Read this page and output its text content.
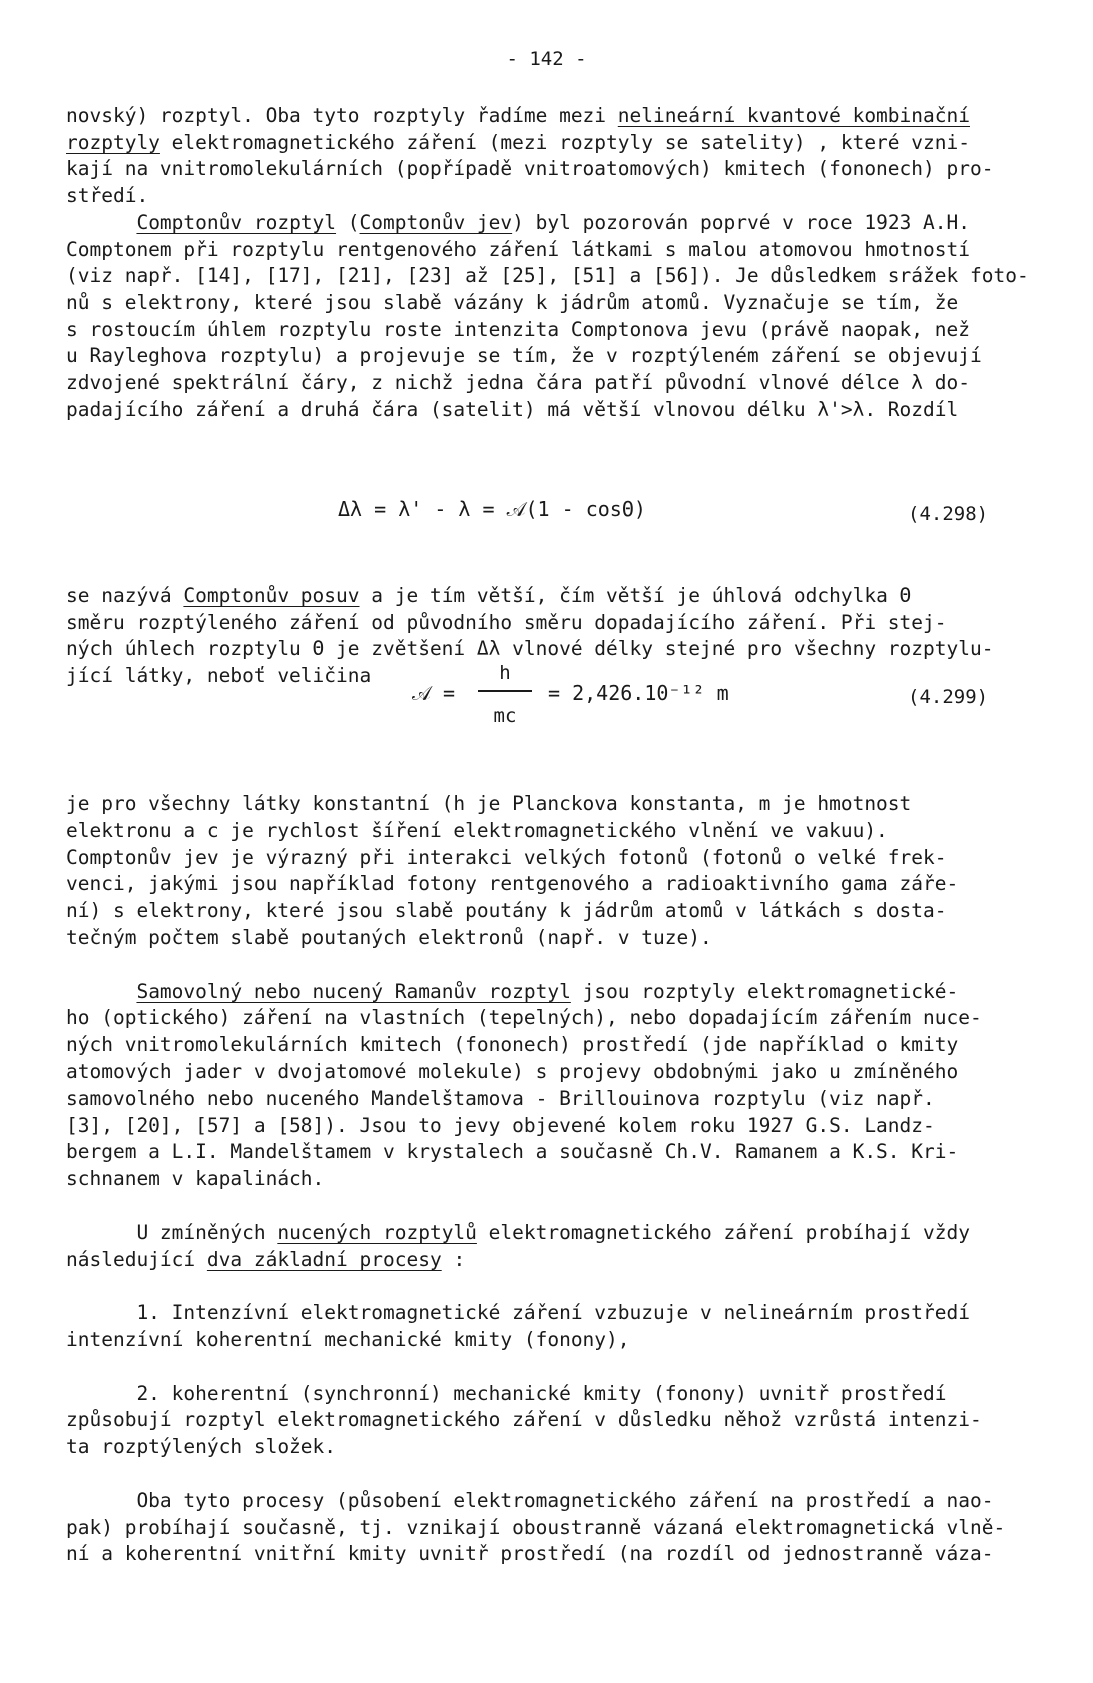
- 142 -
novský) rozptyl. Oba tyto rozptyly řadíme mezi nelineární kvantové kombinační
rozptyly elektromagnetického záření (mezi rozptyly se satelity) , které vzni-
kají na vnitromolekulárních (popřípadě vnitroatomových) kmitech (fononech) pro-
středí.
Comptonův rozptyl (Comptonův jev) byl pozorován poprvé v roce 1923 A.H.
Comptonem při rozptylu rentgenového záření látkami s malou atomovou hmotností
(viz např. [14], [17], [21], [23] až [25], [51] a [56]). Je důsledkem srážek foto-
nů s elektrony, které jsou slabě vázány k jádrům atomů. Vyznačuje se tím, že
s rostoucím úhlem rozptylu roste intenzita Comptonova jevu (právě naopak, než
u Rayleghova rozptylu) a projevuje se tím, že v rozptýleném záření se objevují
zdvojené spektrální čáry, z nichž jedna čára patří původní vlnové délce λ do-
padajícího záření a druhá čára (satelit) má větší vlnovou délku λ'>λ. Rozdíl
Δλ = λ' - λ = 𝒜(1 - cosΘ)	(4.298)
se nazývá Comptonův posuv a je tím větší, čím větší je úhlová odchylka Θ
směru rozptýleného záření od původního směru dopadajícího záření. Při stej-
ných úhlech rozptylu Θ je zvětšení Δλ vlnové délky stejné pro všechny rozptylu-
jící látky, neboť veličina
𝒜 =
h
mc
= 2,426.10⁻¹² m	(4.299)
je pro všechny látky konstantní (h je Planckova konstanta, m je hmotnost
elektronu a c je rychlost šíření elektromagnetického vlnění ve vakuu).
Comptonův jev je výrazný při interakci velkých fotonů (fotonů o velké frek-
venci, jakými jsou například fotony rentgenového a radioaktivního gama záře-
ní) s elektrony, které jsou slabě poutány k jádrům atomů v látkách s dosta-
tečným počtem slabě poutaných elektronů (např. v tuze).
Samovolný nebo nucený Ramanův rozptyl jsou rozptyly elektromagnetické-
ho (optického) záření na vlastních (tepelných), nebo dopadajícím zářením nuce-
ných vnitromolekulárních kmitech (fononech) prostředí (jde například o kmity
atomových jader v dvojatomové molekule) s projevy obdobnými jako u zmíněného
samovolného nebo nuceného Mandelštamova - Brillouinova rozptylu (viz např.
[3], [20], [57] a [58]). Jsou to jevy objevené kolem roku 1927 G.S. Landz-
bergem a L.I. Mandelštamem v krystalech a současně Ch.V. Ramanem a K.S. Kri-
schnanem v kapalinách.
U zmíněných nucených rozptylů elektromagnetického záření probíhají vždy
následující dva základní procesy :
1. Intenzívní elektromagnetické záření vzbuzuje v nelineárním prostředí
intenzívní koherentní mechanické kmity (fonony),
2. koherentní (synchronní) mechanické kmity (fonony) uvnitř prostředí
způsobují rozptyl elektromagnetického záření v důsledku něhož vzrůstá intenzi-
ta rozptýlených složek.
Oba tyto procesy (působení elektromagnetického záření na prostředí a nao-
pak) probíhají současně, tj. vznikají oboustranně vázaná elektromagnetická vlně-
ní a koherentní vnitřní kmity uvnitř prostředí (na rozdíl od jednostranně váza-
